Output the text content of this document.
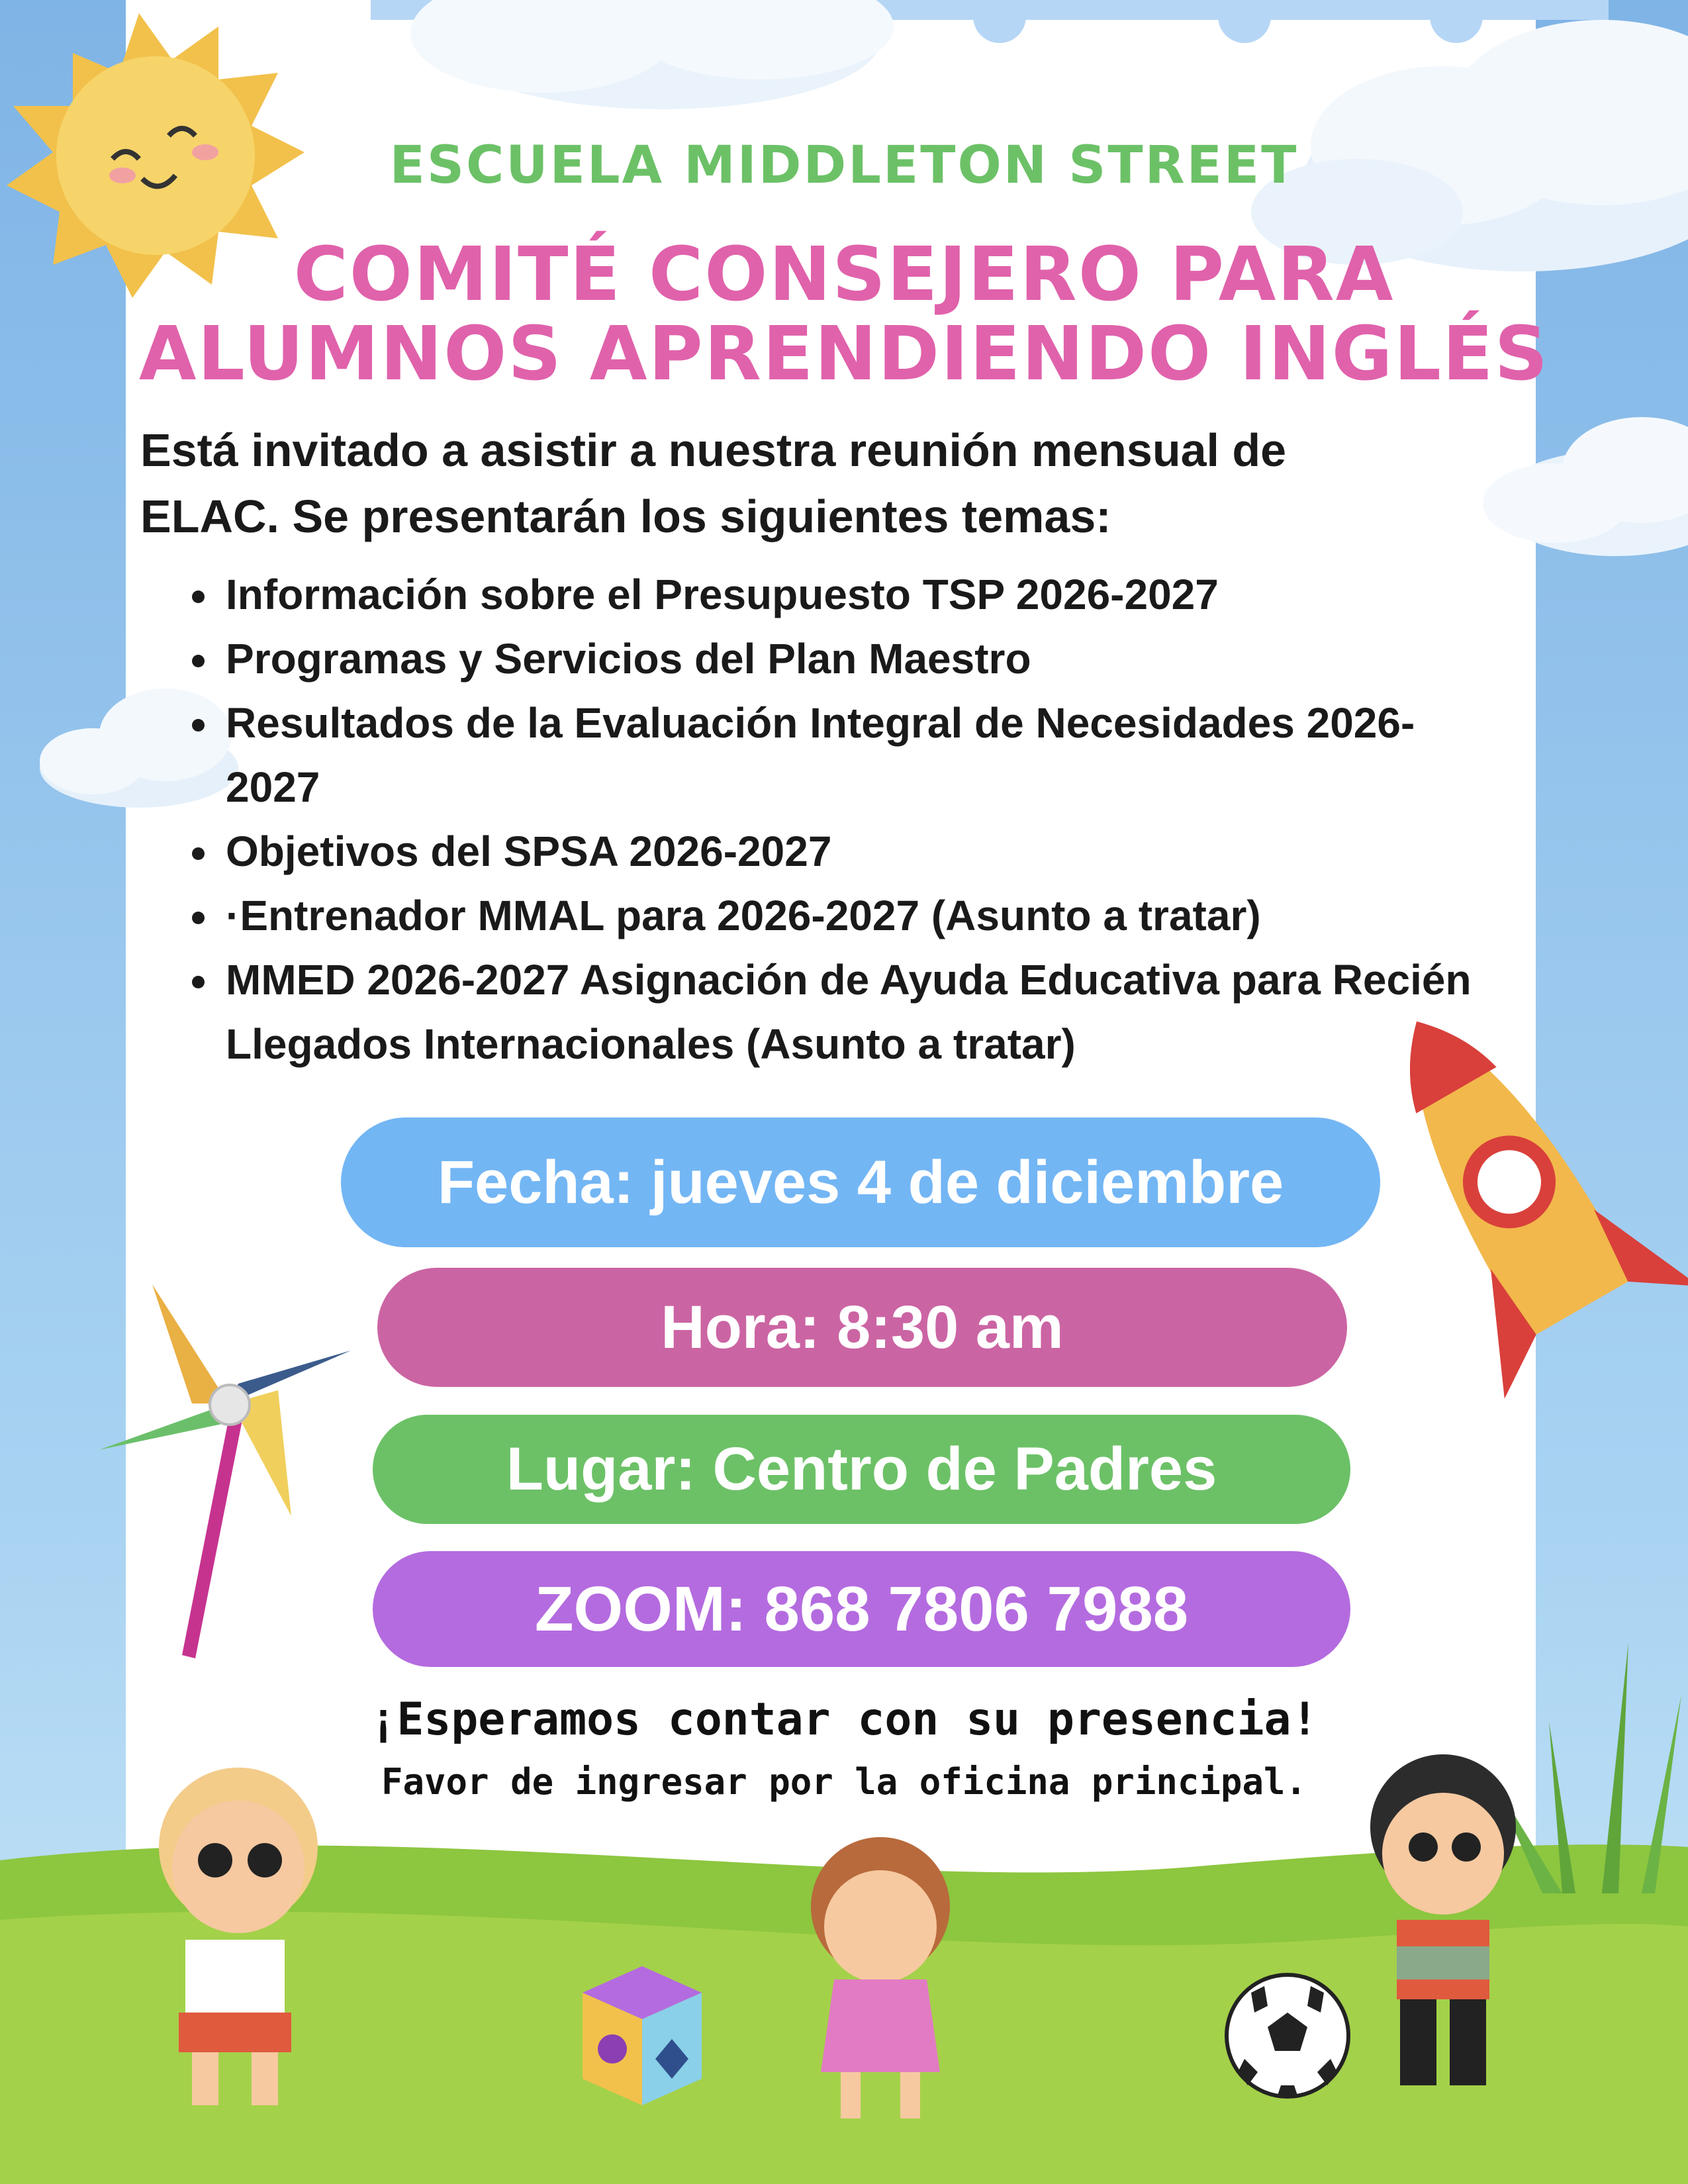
ESCUELA MIDDLETON STREET

COMITÉ CONSEJERO PARA

ALUMNOS APRENDIENDO INGLÉS

Está invitado a asistir a nuestra reunión mensual de
ELAC. Se presentarán los siguientes temas:
• Información sobre el Presupuesto TSP 2026-2027
• Programas y Servicios del Plan Maestro
• Resultados de la Evaluación Integral de Necesidades 2026-2027
• Objetivos del SPSA 2026-2027
• ·Entrenador MMAL para 2026-2027 (Asunto a tratar)
• MMED 2026-2027 Asignación de Ayuda Educativa para Recién Llegados Internacionales (Asunto a tratar)
Fecha: jueves 4 de diciembre
Hora: 8:30 am
Lugar: Centro de Padres
ZOOM: 868 7806 7988

¡Esperamos contar con su presencia!

Favor de ingresar por la oficina principal.
